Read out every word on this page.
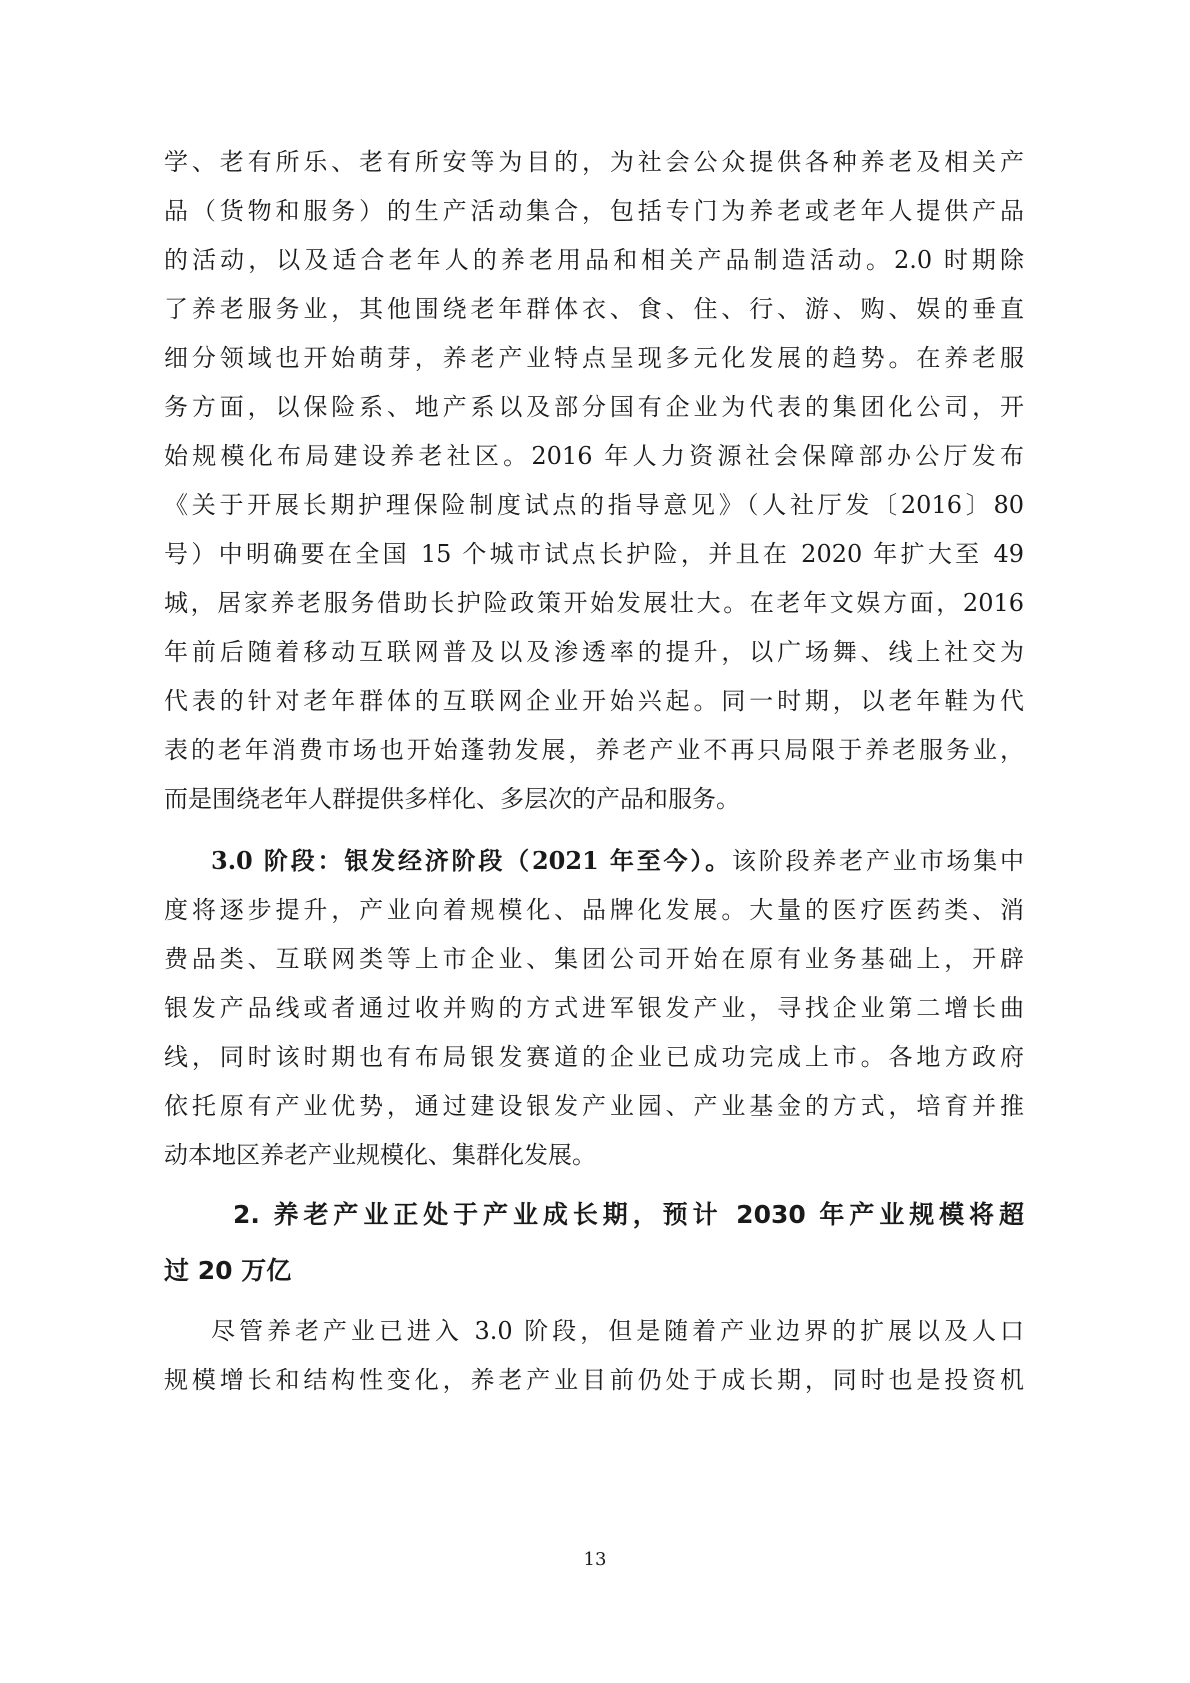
学、老有所乐、老有所安等为目的，为社会公众提供各种养老及相关产
品（货物和服务）的生产活动集合，包括专门为养老或老年人提供产品
的活动，以及适合老年人的养老用品和相关产品制造活动。2.0 时期除
了养老服务业，其他围绕老年群体衣、食、住、行、游、购、娱的垂直
细分领域也开始萌芽，养老产业特点呈现多元化发展的趋势。在养老服
务方面，以保险系、地产系以及部分国有企业为代表的集团化公司，开
始规模化布局建设养老社区。2016 年人力资源社会保障部办公厅发布
《关于开展长期护理保险制度试点的指导意见》（人社厅发〔2016〕80
号）中明确要在全国 15 个城市试点长护险，并且在 2020 年扩大至 49
城，居家养老服务借助长护险政策开始发展壮大。在老年文娱方面，2016
年前后随着移动互联网普及以及渗透率的提升，以广场舞、线上社交为
代表的针对老年群体的互联网企业开始兴起。同一时期，以老年鞋为代
表的老年消费市场也开始蓬勃发展，养老产业不再只局限于养老服务业，
而是围绕老年人群提供多样化、多层次的产品和服务。
3.0 阶段：银发经济阶段（2021 年至今）。该阶段养老产业市场集中
度将逐步提升，产业向着规模化、品牌化发展。大量的医疗医药类、消
费品类、互联网类等上市企业、集团公司开始在原有业务基础上，开辟
银发产品线或者通过收并购的方式进军银发产业，寻找企业第二增长曲
线，同时该时期也有布局银发赛道的企业已成功完成上市。各地方政府
依托原有产业优势，通过建设银发产业园、产业基金的方式，培育并推
动本地区养老产业规模化、集群化发展。
2. 养老产业正处于产业成长期，预计 2030 年产业规模将超
过 20 万亿
尽管养老产业已进入 3.0 阶段，但是随着产业边界的扩展以及人口
规模增长和结构性变化，养老产业目前仍处于成长期，同时也是投资机
13
